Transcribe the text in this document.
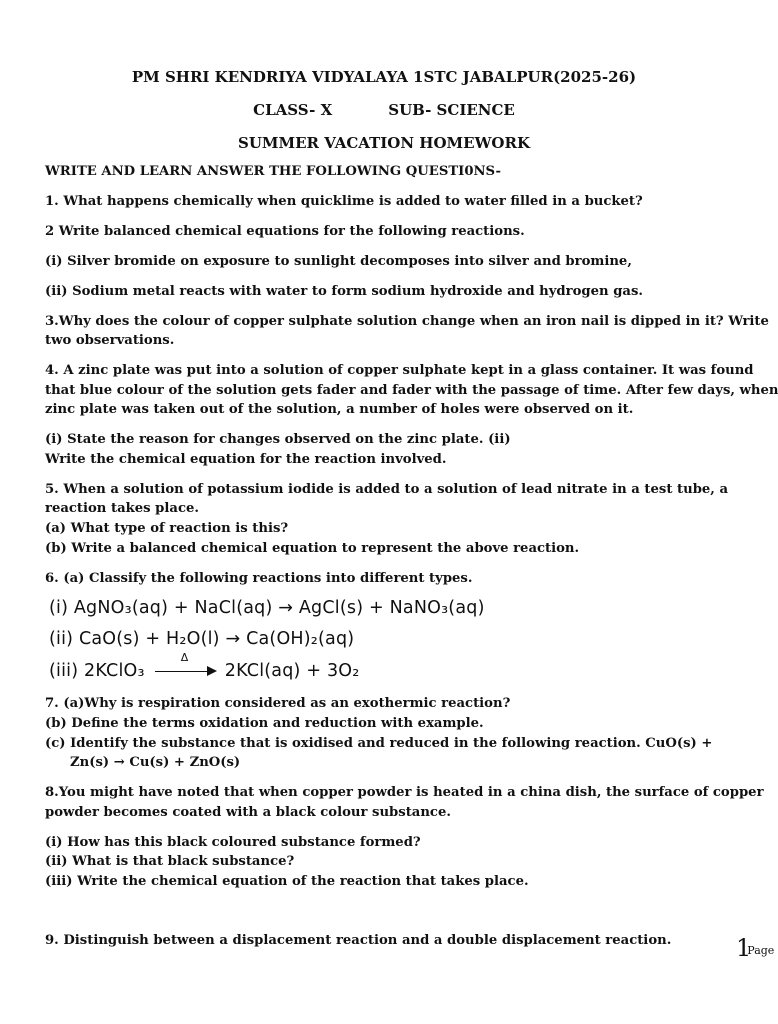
PM SHRI KENDRIYA VIDYALAYA 1STC JABALPUR(2025-26)
CLASS- X	SUB- SCIENCE
SUMMER VACATION HOMEWORK
WRITE AND LEARN ANSWER THE FOLLOWING QUESTI0NS-
1. What happens chemically when quicklime is added to water filled in a bucket?
2 Write balanced chemical equations for the following reactions.
(i) Silver bromide on exposure to sunlight decomposes into silver and bromine,
(ii) Sodium metal reacts with water to form sodium hydroxide and hydrogen gas.
3.Why does the colour of copper sulphate solution change when an iron nail is dipped in it? Write
two observations.
4. A zinc plate was put into a solution of copper sulphate kept in a glass container. It was found
that blue colour of the solution gets fader and fader with the passage of time. After few days, when
zinc plate was taken out of the solution, a number of holes were observed on it.
(i) State the reason for changes observed on the zinc plate. (ii)
Write the chemical equation for the reaction involved.
5. When a solution of potassium iodide is added to a solution of lead nitrate in a test tube, a
reaction takes place.
(a) What type of reaction is this?
(b) Write a balanced chemical equation to represent the above reaction.
6. (a) Classify the following reactions into different types.
(i) AgNO₃(aq) + NaCl(aq) → AgCl(s) + NaNO₃(aq)
(ii) CaO(s) + H₂O(l) → Ca(OH)₂(aq)
(iii) 2KClO₃
Δ
2KCl(aq) + 3O₂
7. (a)Why is respiration considered as an exothermic reaction?
(b) Define the terms oxidation and reduction with example.
(c) Identify the substance that is oxidised and reduced in the following reaction. CuO(s) +
Zn(s) → Cu(s) + ZnO(s)
8.You might have noted that when copper powder is heated in a china dish, the surface of copper
powder becomes coated with a black colour substance.
(i) How has this black coloured substance formed?
(ii) What is that black substance?
(iii) Write the chemical equation of the reaction that takes place.
9. Distinguish between a displacement reaction and a double displacement reaction.	1Page
